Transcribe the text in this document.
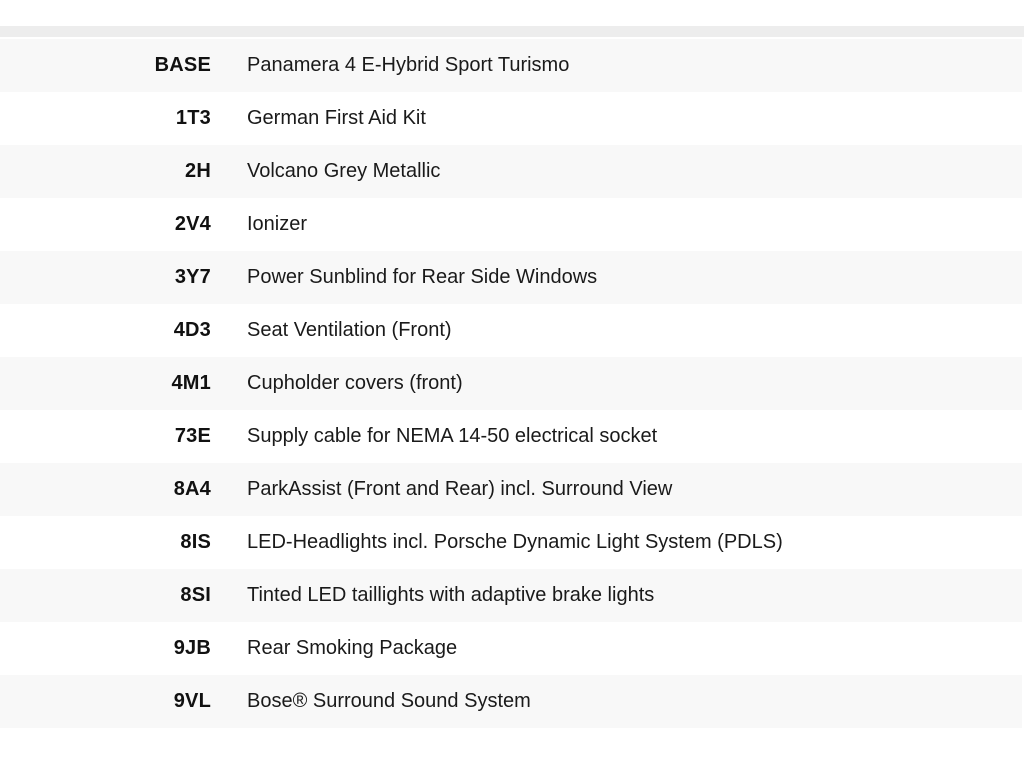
BASE Panamera 4 E-Hybrid Sport Turismo
1T3 German First Aid Kit
2H Volcano Grey Metallic
2V4 Ionizer
3Y7 Power Sunblind for Rear Side Windows
4D3 Seat Ventilation (Front)
4M1 Cupholder covers (front)
73E Supply cable for NEMA 14-50 electrical socket
8A4 ParkAssist (Front and Rear) incl. Surround View
8IS LED-Headlights incl. Porsche Dynamic Light System (PDLS)
8SI Tinted LED taillights with adaptive brake lights
9JB Rear Smoking Package
9VL Bose® Surround Sound System
